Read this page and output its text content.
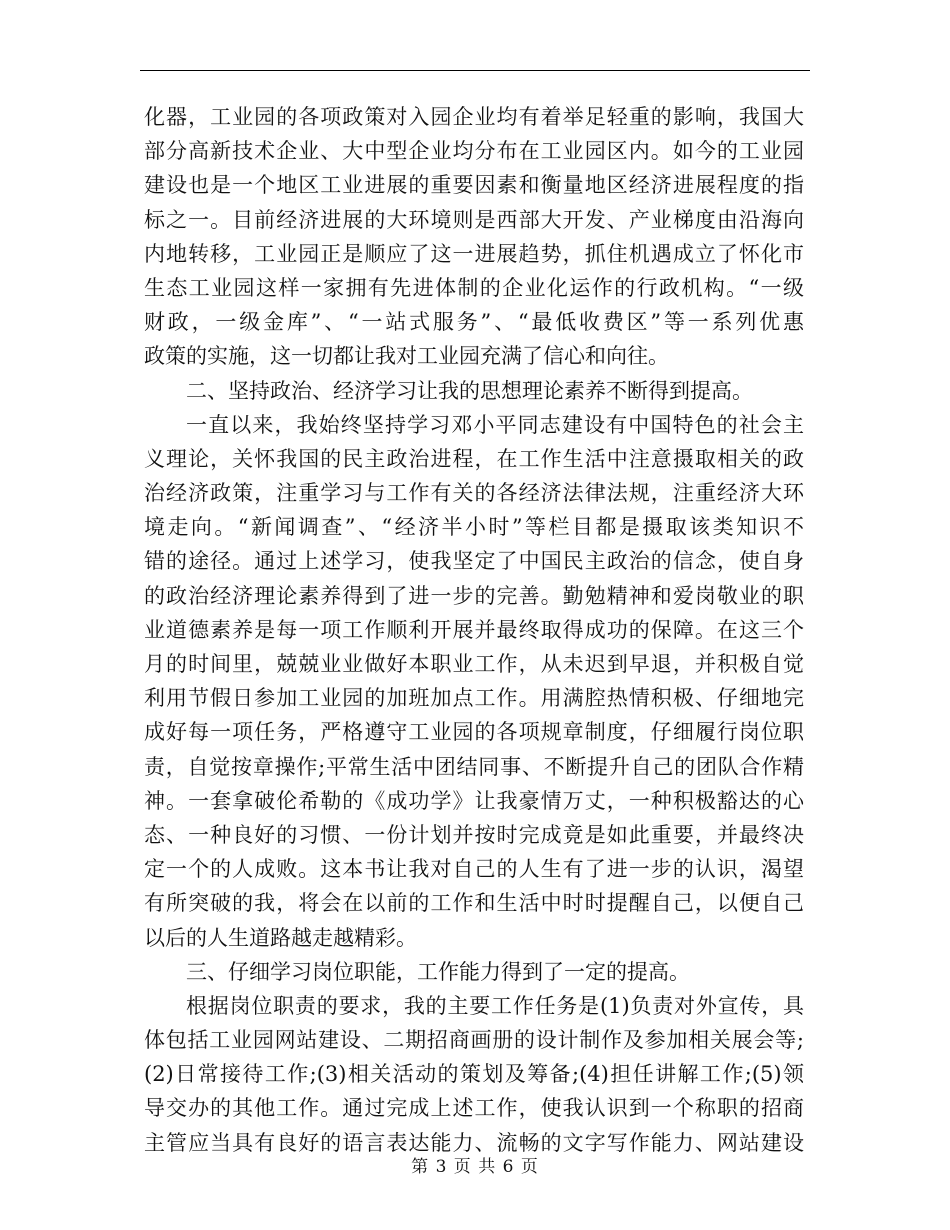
化器，工业园的各项政策对入园企业均有着举足轻重的影响，我国大
部分高新技术企业、大中型企业均分布在工业园区内。如今的工业园
建设也是一个地区工业进展的重要因素和衡量地区经济进展程度的指
标之一。目前经济进展的大环境则是西部大开发、产业梯度由沿海向
内地转移，工业园正是顺应了这一进展趋势，抓住机遇成立了怀化市
生态工业园这样一家拥有先进体制的企业化运作的行政机构。“一级
财政，一级金库”、“一站式服务”、“最低收费区”等一系列优惠
政策的实施，这一切都让我对工业园充满了信心和向往。
二、坚持政治、经济学习让我的思想理论素养不断得到提高。
一直以来，我始终坚持学习邓小平同志建设有中国特色的社会主
义理论，关怀我国的民主政治进程，在工作生活中注意摄取相关的政
治经济政策，注重学习与工作有关的各经济法律法规，注重经济大环
境走向。“新闻调查”、“经济半小时”等栏目都是摄取该类知识不
错的途径。通过上述学习，使我坚定了中国民主政治的信念，使自身
的政治经济理论素养得到了进一步的完善。勤勉精神和爱岗敬业的职
业道德素养是每一项工作顺利开展并最终取得成功的保障。在这三个
月的时间里，兢兢业业做好本职业工作，从未迟到早退，并积极自觉
利用节假日参加工业园的加班加点工作。用满腔热情积极、仔细地完
成好每一项任务，严格遵守工业园的各项规章制度，仔细履行岗位职
责，自觉按章操作;平常生活中团结同事、不断提升自己的团队合作精
神。一套拿破伦希勒的《成功学》让我豪情万丈，一种积极豁达的心
态、一种良好的习惯、一份计划并按时完成竟是如此重要，并最终决
定一个的人成败。这本书让我对自己的人生有了进一步的认识，渴望
有所突破的我，将会在以前的工作和生活中时时提醒自己，以便自己
以后的人生道路越走越精彩。
三、仔细学习岗位职能，工作能力得到了一定的提高。
根据岗位职责的要求，我的主要工作任务是(1)负责对外宣传，具
体包括工业园网站建设、二期招商画册的设计制作及参加相关展会等;
(2)日常接待工作;(3)相关活动的策划及筹备;(4)担任讲解工作;(5)领
导交办的其他工作。通过完成上述工作，使我认识到一个称职的招商
主管应当具有良好的语言表达能力、流畅的文字写作能力、网站建设
第 3 页 共 6 页
